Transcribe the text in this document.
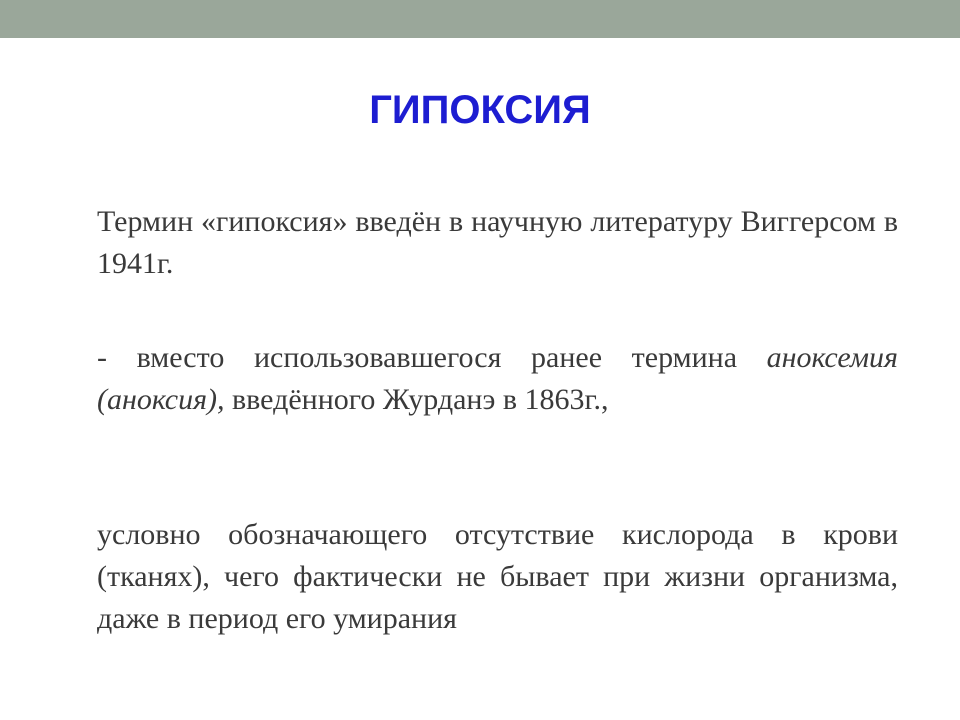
ГИПОКСИЯ

Термин «гипоксия» введён в научную литературу Виггерсом в 1941г.

- вместо использовавшегося ранее термина аноксемия (аноксия), введённого Журданэ в 1863г.,

условно обозначающего отсутствие кислорода в крови (тканях), чего фактически не бывает при жизни организма, даже в период его умирания
